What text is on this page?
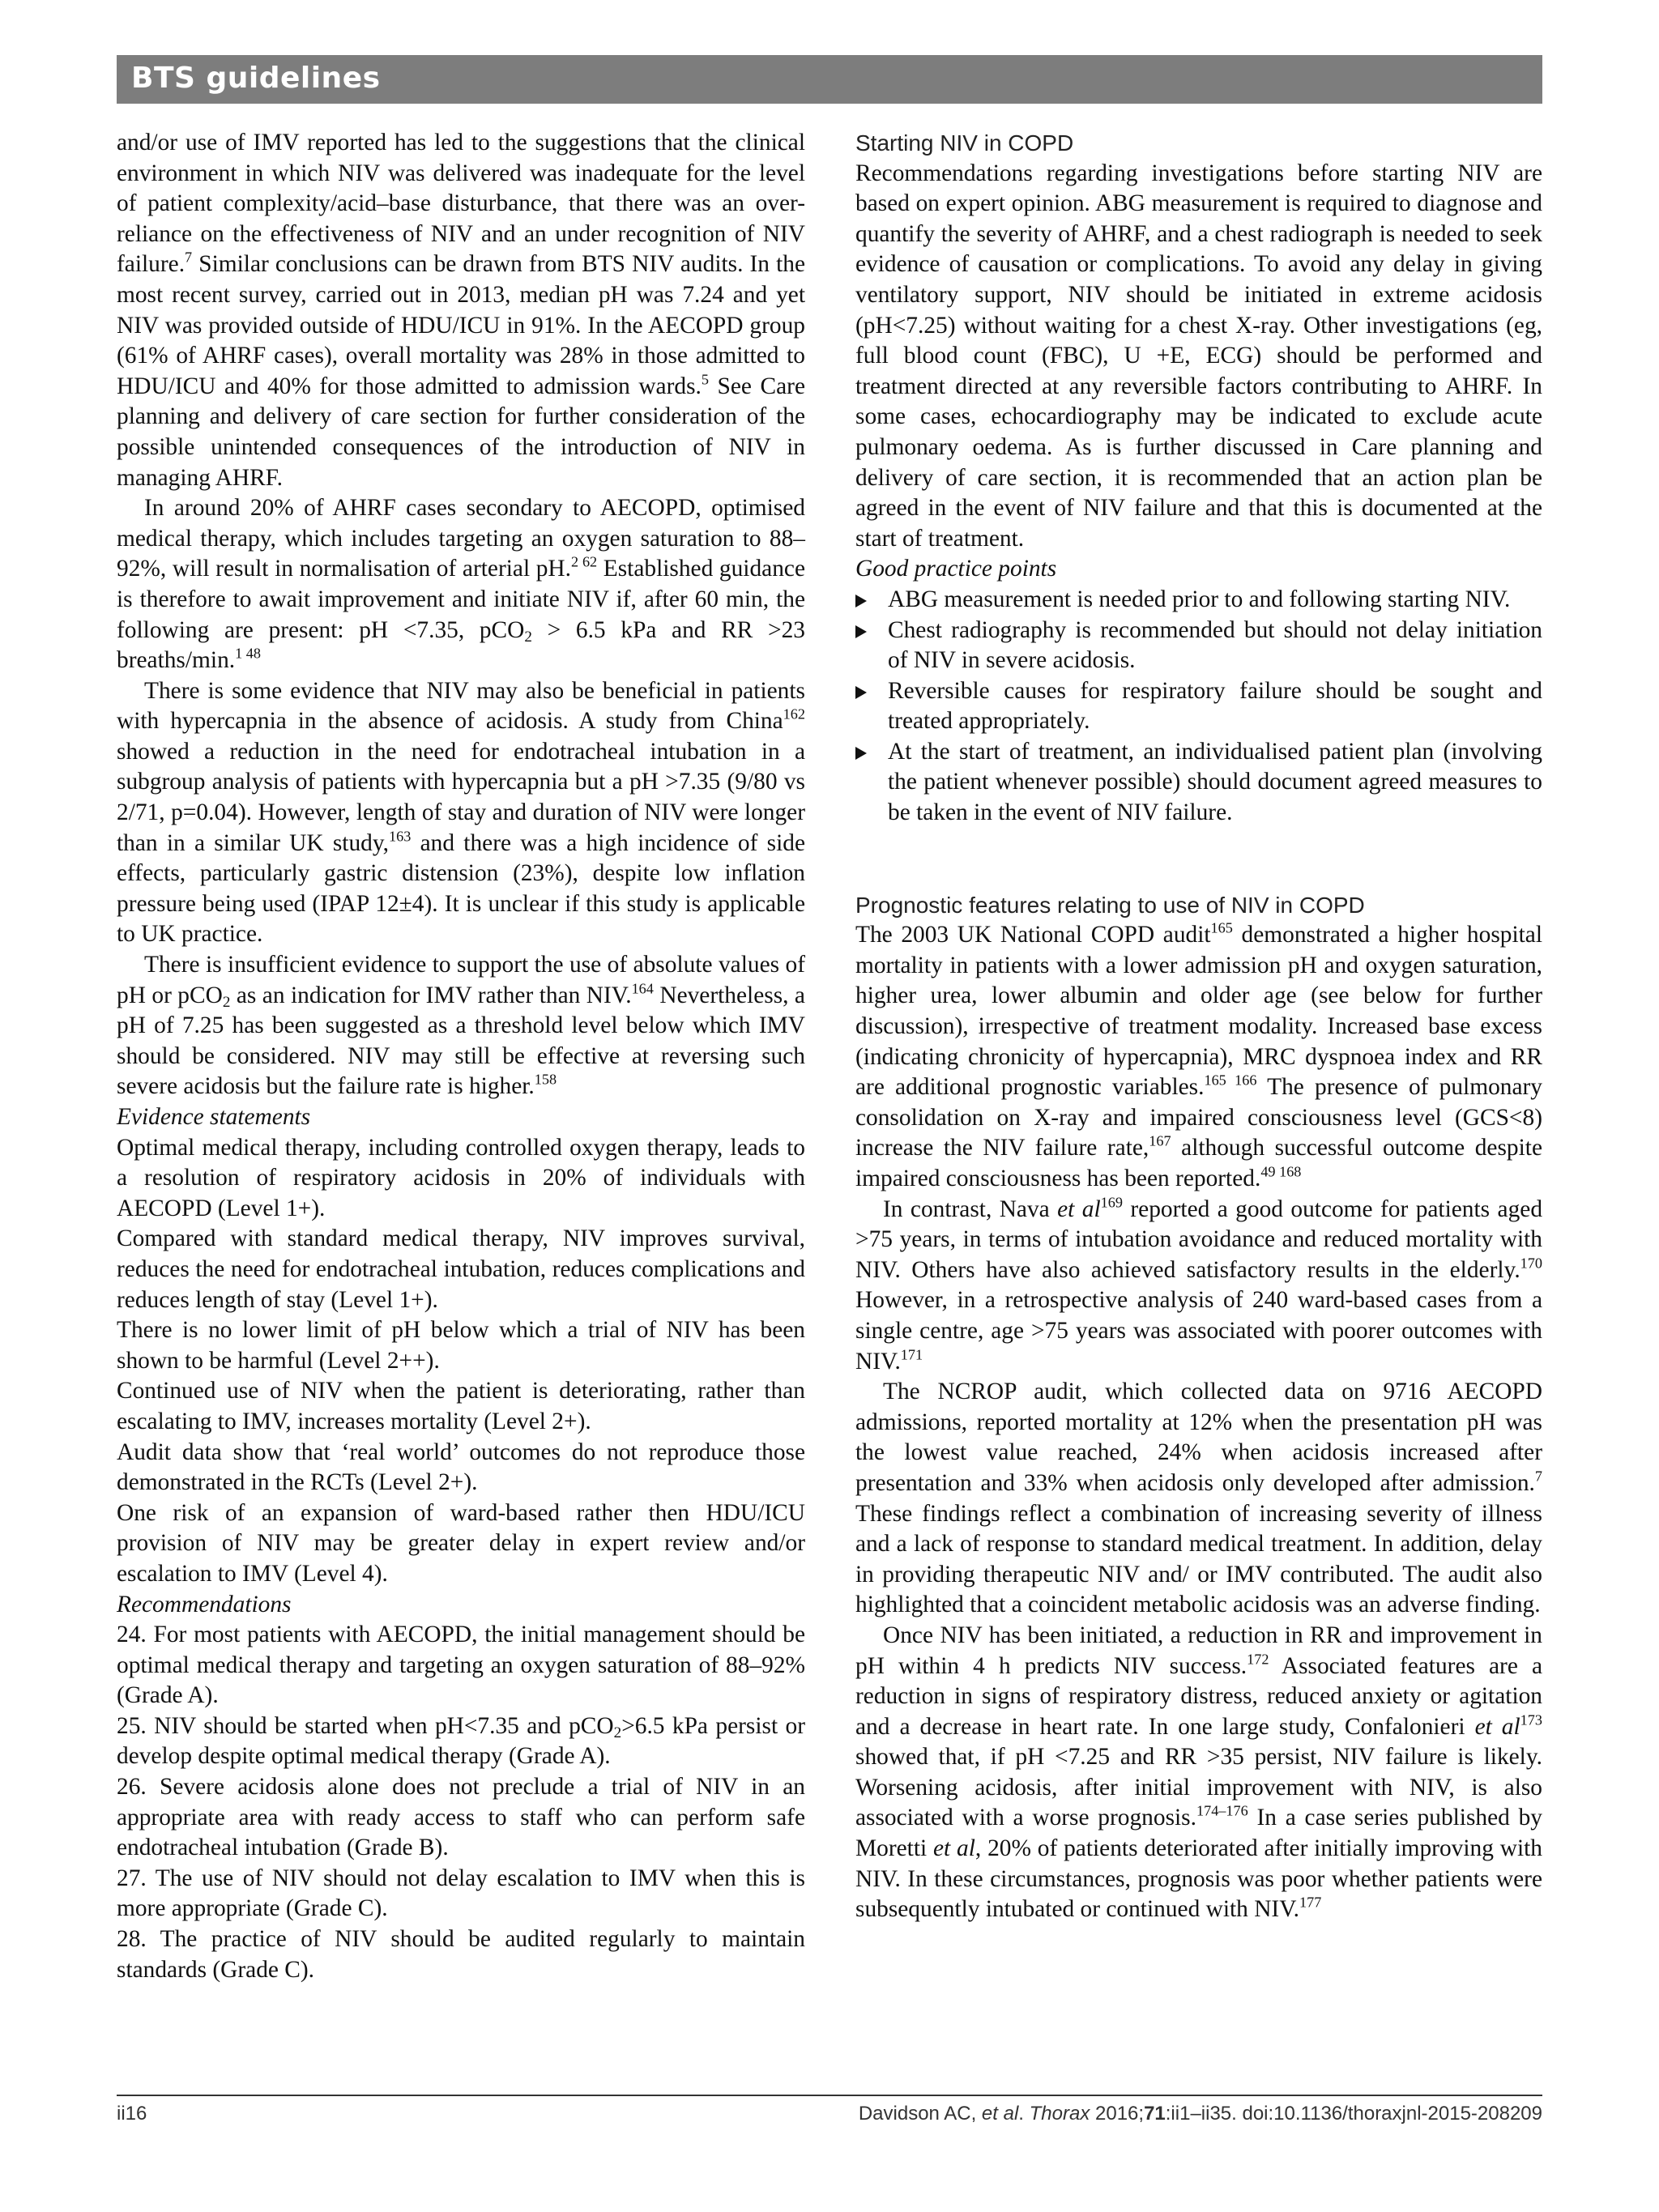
BTS guidelines

and/or use of IMV reported has led to the suggestions that the clinical environment in which NIV was delivered was inadequate for the level of patient complexity/acid–base disturbance, that there was an over-reliance on the effectiveness of NIV and an under recognition of NIV failure.$^7$ Similar conclusions can be drawn from BTS NIV audits. In the most recent survey, carried out in 2013, median pH was 7.24 and yet NIV was provided outside of HDU/ICU in 91%. In the AECOPD group (61% of AHRF cases), overall mortality was 28% in those admitted to HDU/ICU and 40% for those admitted to admission wards.$^5$ See Care planning and delivery of care section for further consideration of the possible unintended consequences of the introduction of NIV in managing AHRF.

In around 20% of AHRF cases secondary to AECOPD, optimised medical therapy, which includes targeting an oxygen saturation to 88–92%, will result in normalisation of arterial pH.$^{2 62}$ Established guidance is therefore to await improvement and initiate NIV if, after 60 min, the following are present: pH <7.35, pCO$_2$ > 6.5 kPa and RR >23 breaths/min.$^{1 48}$

There is some evidence that NIV may also be beneficial in patients with hypercapnia in the absence of acidosis. A study from China$^{162}$ showed a reduction in the need for endotracheal intubation in a subgroup analysis of patients with hypercapnia but a pH >7.35 (9/80 vs 2/71, p=0.04). However, length of stay and duration of NIV were longer than in a similar UK study,$^{163}$ and there was a high incidence of side effects, particularly gastric distension (23%), despite low inflation pressure being used (IPAP 12±4). It is unclear if this study is applicable to UK practice.

There is insufficient evidence to support the use of absolute values of pH or pCO$_2$ as an indication for IMV rather than NIV.$^{164}$ Nevertheless, a pH of 7.25 has been suggested as a threshold level below which IMV should be considered. NIV may still be effective at reversing such severe acidosis but the failure rate is higher.$^{158}$

Evidence statements

Optimal medical therapy, including controlled oxygen therapy, leads to a resolution of respiratory acidosis in 20% of individuals with AECOPD (Level 1+).

Compared with standard medical therapy, NIV improves survival, reduces the need for endotracheal intubation, reduces complications and reduces length of stay (Level 1+).

There is no lower limit of pH below which a trial of NIV has been shown to be harmful (Level 2++).

Continued use of NIV when the patient is deteriorating, rather than escalating to IMV, increases mortality (Level 2+).

Audit data show that ‘real world’ outcomes do not reproduce those demonstrated in the RCTs (Level 2+).

One risk of an expansion of ward-based rather then HDU/ICU provision of NIV may be greater delay in expert review and/or escalation to IMV (Level 4).

Recommendations

24. For most patients with AECOPD, the initial management should be optimal medical therapy and targeting an oxygen saturation of 88–92% (Grade A).

25. NIV should be started when pH<7.35 and pCO$_2$>6.5 kPa persist or develop despite optimal medical therapy (Grade A).

26. Severe acidosis alone does not preclude a trial of NIV in an appropriate area with ready access to staff who can perform safe endotracheal intubation (Grade B).

27. The use of NIV should not delay escalation to IMV when this is more appropriate (Grade C).

28. The practice of NIV should be audited regularly to maintain standards (Grade C).

Starting NIV in COPD

Recommendations regarding investigations before starting NIV are based on expert opinion. ABG measurement is required to diagnose and quantify the severity of AHRF, and a chest radiograph is needed to seek evidence of causation or complications. To avoid any delay in giving ventilatory support, NIV should be initiated in extreme acidosis (pH<7.25) without waiting for a chest X-ray. Other investigations (eg, full blood count (FBC), U +E, ECG) should be performed and treatment directed at any reversible factors contributing to AHRF. In some cases, echocardiography may be indicated to exclude acute pulmonary oedema. As is further discussed in Care planning and delivery of care section, it is recommended that an action plan be agreed in the event of NIV failure and that this is documented at the start of treatment.

Good practice points

ABG measurement is needed prior to and following starting NIV.
Chest radiography is recommended but should not delay initiation of NIV in severe acidosis.
Reversible causes for respiratory failure should be sought and treated appropriately.
At the start of treatment, an individualised patient plan (involving the patient whenever possible) should document agreed measures to be taken in the event of NIV failure.

Prognostic features relating to use of NIV in COPD

The 2003 UK National COPD audit$^{165}$ demonstrated a higher hospital mortality in patients with a lower admission pH and oxygen saturation, higher urea, lower albumin and older age (see below for further discussion), irrespective of treatment modality. Increased base excess (indicating chronicity of hypercapnia), MRC dyspnoea index and RR are additional prognostic variables.$^{165 166}$ The presence of pulmonary consolidation on X-ray and impaired consciousness level (GCS<8) increase the NIV failure rate,$^{167}$ although successful outcome despite impaired consciousness has been reported.$^{49 168}$

In contrast, Nava et $al^{169}$ reported a good outcome for patients aged >75 years, in terms of intubation avoidance and reduced mortality with NIV. Others have also achieved satisfactory results in the elderly.$^{170}$ However, in a retrospective analysis of 240 ward-based cases from a single centre, age >75 years was associated with poorer outcomes with NIV.$^{171}$

The NCROP audit, which collected data on 9716 AECOPD admissions, reported mortality at 12% when the presentation pH was the lowest value reached, 24% when acidosis increased after presentation and 33% when acidosis only developed after admission.$^7$ These findings reflect a combination of increasing severity of illness and a lack of response to standard medical treatment. In addition, delay in providing therapeutic NIV and/ or IMV contributed. The audit also highlighted that a coincident metabolic acidosis was an adverse finding.

Once NIV has been initiated, a reduction in RR and improvement in pH within 4 h predicts NIV success.$^{172}$ Associated features are a reduction in signs of respiratory distress, reduced anxiety or agitation and a decrease in heart rate. In one large study, Confalonieri et $al^{173}$ showed that, if pH <7.25 and RR >35 persist, NIV failure is likely. Worsening acidosis, after initial improvement with NIV, is also associated with a worse prognosis.$^{174-176}$ In a case series published by Moretti et al, 20% of patients deteriorated after initially improving with NIV. In these circumstances, prognosis was poor whether patients were subsequently intubated or continued with NIV.$^{177}$

ii16	Davidson AC, et al. Thorax 2016;71:ii1–ii35. doi:10.1136/thoraxjnl-2015-208209
